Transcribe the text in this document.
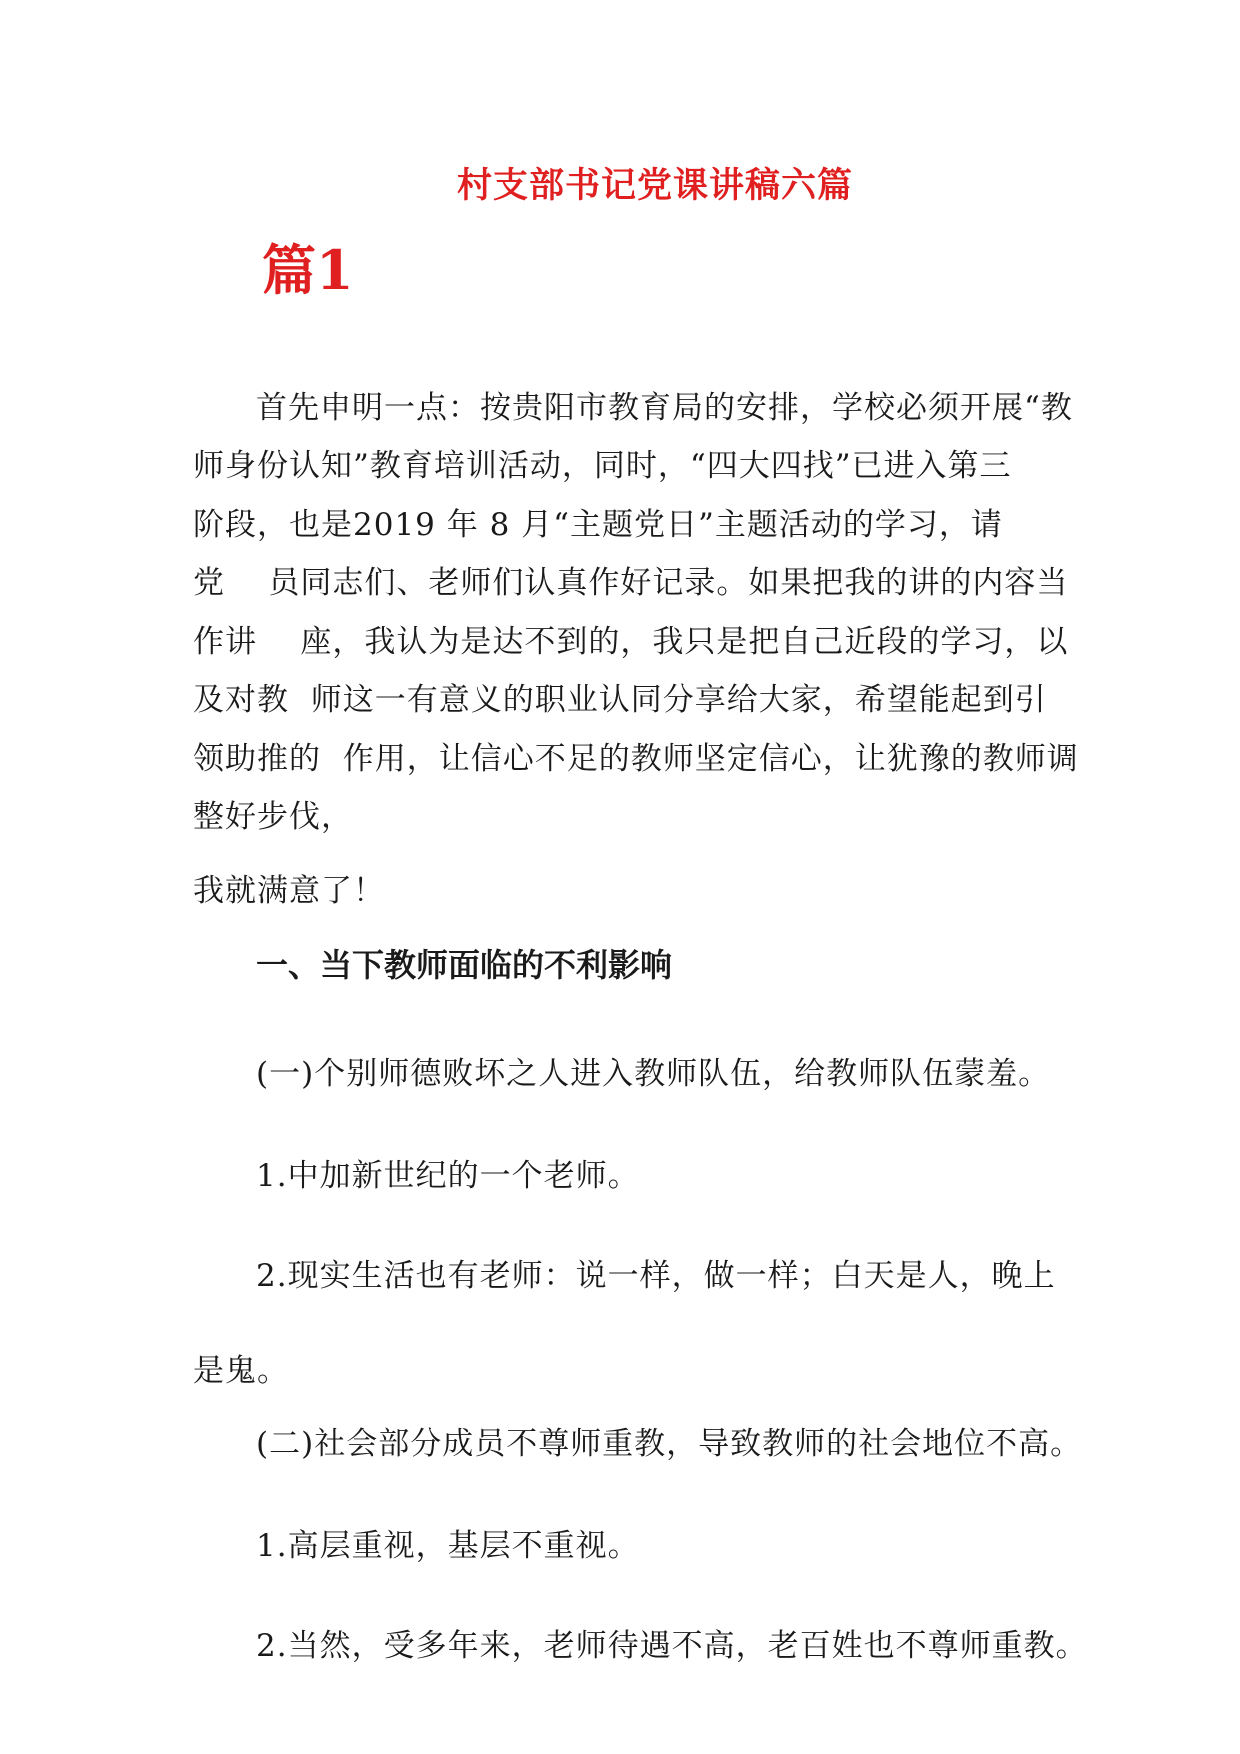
村支部书记党课讲稿六篇
篇1
首先申明一点：按贵阳市教育局的安排，学校必须开展“教
师身份认知”教育培训活动，同时，“四大四找”已进入第三
阶段，也是2019 年 8 月“主题党日”主题活动的学习，请
党    员同志们、老师们认真作好记录。如果把我的讲的内容当
作讲    座，我认为是达不到的，我只是把自己近段的学习，以
及对教  师这一有意义的职业认同分享给大家，希望能起到引
领助推的  作用，让信心不足的教师坚定信心，让犹豫的教师调
整好步伐，
我就满意了！
一、当下教师面临的不利影响
(一)个别师德败坏之人进入教师队伍，给教师队伍蒙羞。
1.中加新世纪的一个老师。
2.现实生活也有老师：说一样，做一样；白天是人，晚上
是鬼。
(二)社会部分成员不尊师重教，导致教师的社会地位不高。
1.高层重视，基层不重视。
2.当然，受多年来，老师待遇不高，老百姓也不尊师重教。
